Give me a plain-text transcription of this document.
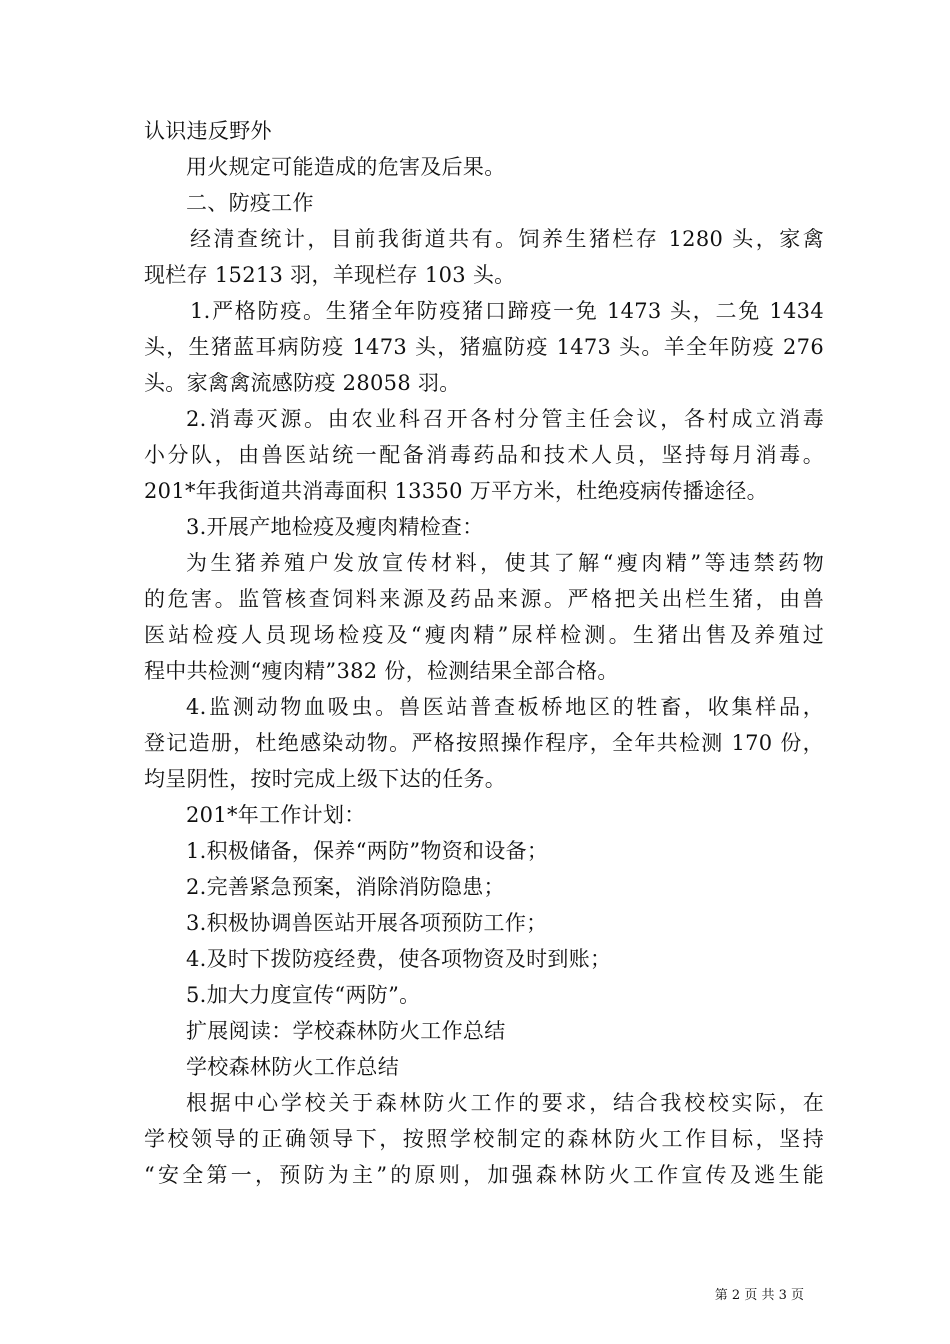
认识违反野外
用火规定可能造成的危害及后果。
二、防疫工作
经清查统计，目前我街道共有。饲养生猪栏存 1280 头，家禽
现栏存 15213 羽，羊现栏存 103 头。
1.严格防疫。生猪全年防疫猪口蹄疫一免 1473 头，二免 1434
头，生猪蓝耳病防疫 1473 头，猪瘟防疫 1473 头。羊全年防疫 276
头。家禽禽流感防疫 28058 羽。
2.消毒灭源。由农业科召开各村分管主任会议，各村成立消毒
小分队，由兽医站统一配备消毒药品和技术人员，坚持每月消毒。
201*年我街道共消毒面积 13350 万平方米，杜绝疫病传播途径。
3.开展产地检疫及瘦肉精检查：
为生猪养殖户发放宣传材料，使其了解“瘦肉精”等违禁药物
的危害。监管核查饲料来源及药品来源。严格把关出栏生猪，由兽
医站检疫人员现场检疫及“瘦肉精”尿样检测。生猪出售及养殖过
程中共检测“瘦肉精”382 份，检测结果全部合格。
4.监测动物血吸虫。兽医站普查板桥地区的牲畜，收集样品，
登记造册，杜绝感染动物。严格按照操作程序，全年共检测 170 份，
均呈阴性，按时完成上级下达的任务。
201*年工作计划：
1.积极储备，保养“两防”物资和设备；
2.完善紧急预案，消除消防隐患；
3.积极协调兽医站开展各项预防工作；
4.及时下拨防疫经费，使各项物资及时到账；
5.加大力度宣传“两防”。
扩展阅读：学校森林防火工作总结
学校森林防火工作总结
根据中心学校关于森林防火工作的要求，结合我校校实际，在
学校领导的正确领导下，按照学校制定的森林防火工作目标，坚持
“安全第一，预防为主”的原则，加强森林防火工作宣传及逃生能
第 2 页 共 3 页
